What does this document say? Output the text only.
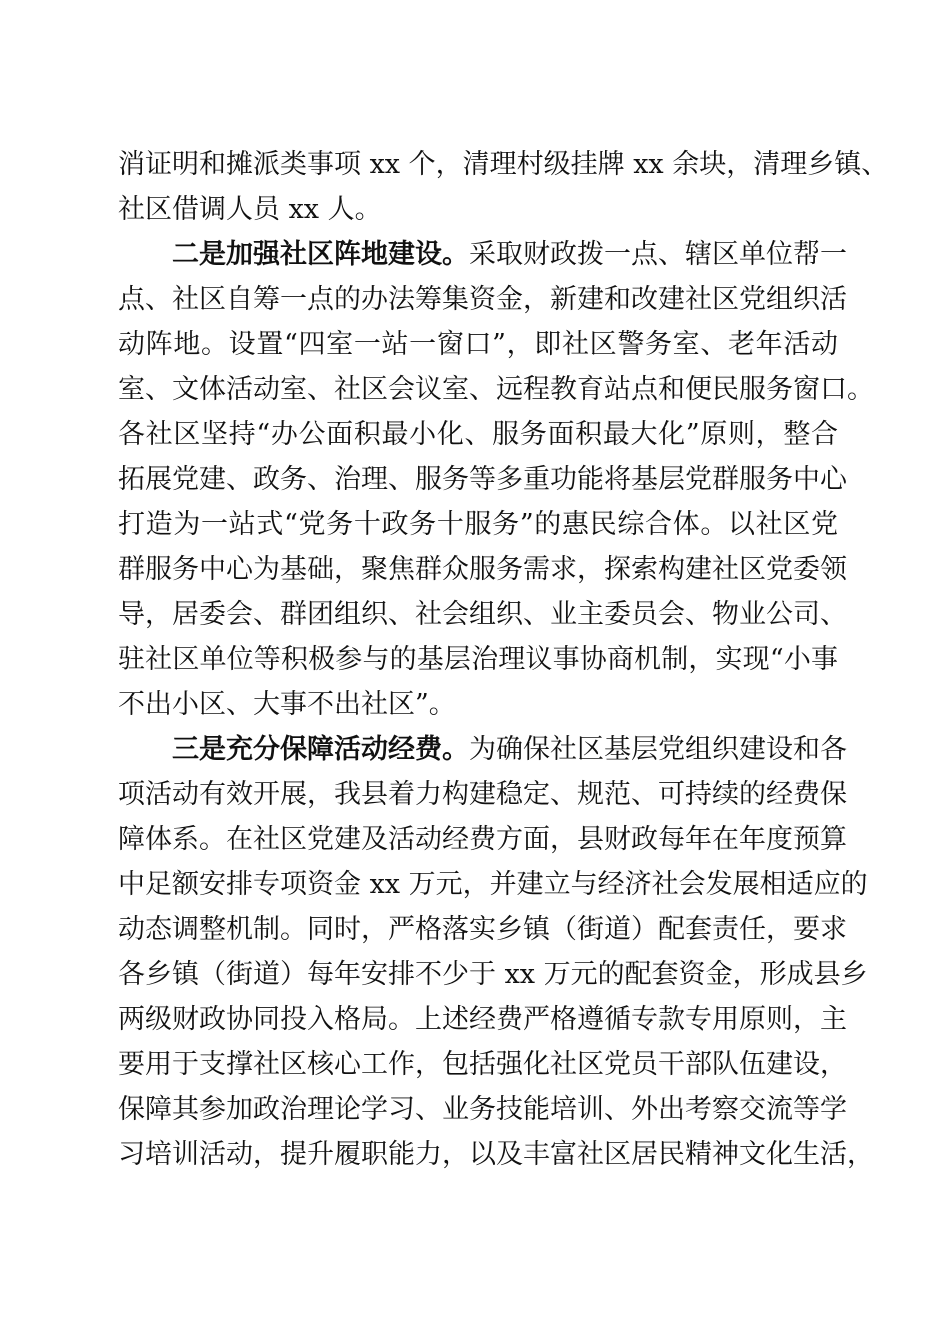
消证明和摊派类事项 xx 个，清理村级挂牌 xx 余块，清理乡镇、
社区借调人员 xx 人。
二是加强社区阵地建设。采取财政拨一点、辖区单位帮一
点、社区自筹一点的办法筹集资金，新建和改建社区党组织活
动阵地。设置“四室一站一窗口”，即社区警务室、老年活动
室、文体活动室、社区会议室、远程教育站点和便民服务窗口。
各社区坚持“办公面积最小化、服务面积最大化”原则，整合
拓展党建、政务、治理、服务等多重功能将基层党群服务中心
打造为一站式“党务十政务十服务”的惠民综合体。以社区党
群服务中心为基础，聚焦群众服务需求，探索构建社区党委领
导，居委会、群团组织、社会组织、业主委员会、物业公司、
驻社区单位等积极参与的基层治理议事协商机制，实现“小事
不出小区、大事不出社区”。
三是充分保障活动经费。为确保社区基层党组织建设和各
项活动有效开展，我县着力构建稳定、规范、可持续的经费保
障体系。在社区党建及活动经费方面，县财政每年在年度预算
中足额安排专项资金 xx 万元，并建立与经济社会发展相适应的
动态调整机制。同时，严格落实乡镇（街道）配套责任，要求
各乡镇（街道）每年安排不少于 xx 万元的配套资金，形成县乡
两级财政协同投入格局。上述经费严格遵循专款专用原则，主
要用于支撑社区核心工作，包括强化社区党员干部队伍建设，
保障其参加政治理论学习、业务技能培训、外出考察交流等学
习培训活动，提升履职能力，以及丰富社区居民精神文化生活，
